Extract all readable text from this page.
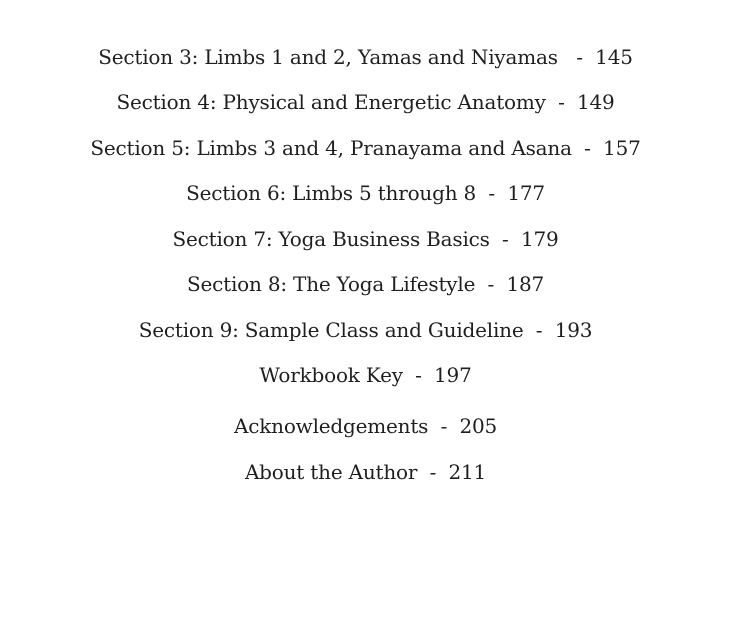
Section 3: Limbs 1 and 2, Yamas and Niyamas - 145
Section 4: Physical and Energetic Anatomy - 149
Section 5: Limbs 3 and 4, Pranayama and Asana - 157
Section 6: Limbs 5 through 8 - 177
Section 7: Yoga Business Basics - 179
Section 8: The Yoga Lifestyle - 187
Section 9: Sample Class and Guideline - 193
Workbook Key - 197
Acknowledgements - 205
About the Author - 211
